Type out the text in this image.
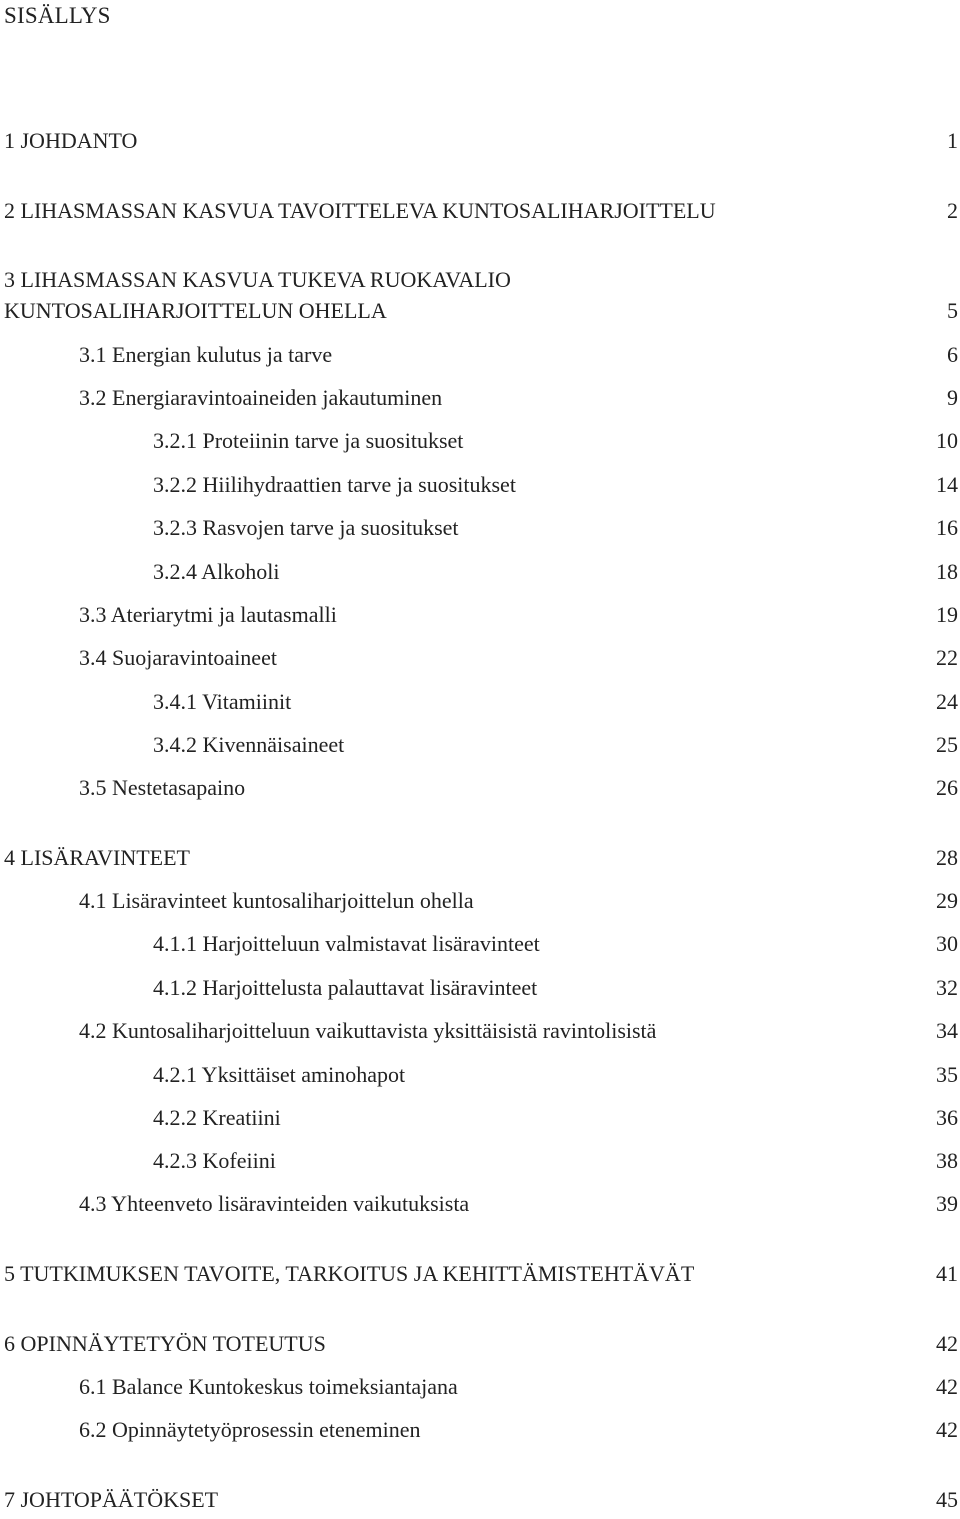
SISÄLLYS
1 JOHDANTO	1
2 LIHASMASSAN KASVUA TAVOITTELEVA KUNTOSALIHARJOITTELU	2
3 LIHASMASSAN KASVUA TUKEVA RUOKAVALIO
KUNTOSALIHARJOITTELUN OHELLA	5
3.1 Energian kulutus ja tarve	6
3.2 Energiaravintoaineiden jakautuminen	9
3.2.1 Proteiinin tarve ja suositukset	10
3.2.2 Hiilihydraattien tarve ja suositukset	14
3.2.3 Rasvojen tarve ja suositukset	16
3.2.4 Alkoholi	18
3.3 Ateriarytmi ja lautasmalli	19
3.4 Suojaravintoaineet	22
3.4.1 Vitamiinit	24
3.4.2 Kivennäisaineet	25
3.5 Nestetasapaino	26
4 LISÄRAVINTEET	28
4.1 Lisäravinteet kuntosaliharjoittelun ohella	29
4.1.1 Harjoitteluun valmistavat lisäravinteet	30
4.1.2 Harjoittelusta palauttavat lisäravinteet	32
4.2 Kuntosaliharjoitteluun vaikuttavista yksittäisistä ravintolisistä	34
4.2.1 Yksittäiset aminohapot	35
4.2.2 Kreatiini	36
4.2.3 Kofeiini	38
4.3 Yhteenveto lisäravinteiden vaikutuksista	39
5 TUTKIMUKSEN TAVOITE, TARKOITUS JA KEHITTÄMISTEHTÄVÄT	41
6 OPINNÄYTETYÖN TOTEUTUS	42
6.1 Balance Kuntokeskus toimeksiantajana	42
6.2 Opinnäytetyöprosessin eteneminen	42
7 JOHTOPÄÄTÖKSET	45
